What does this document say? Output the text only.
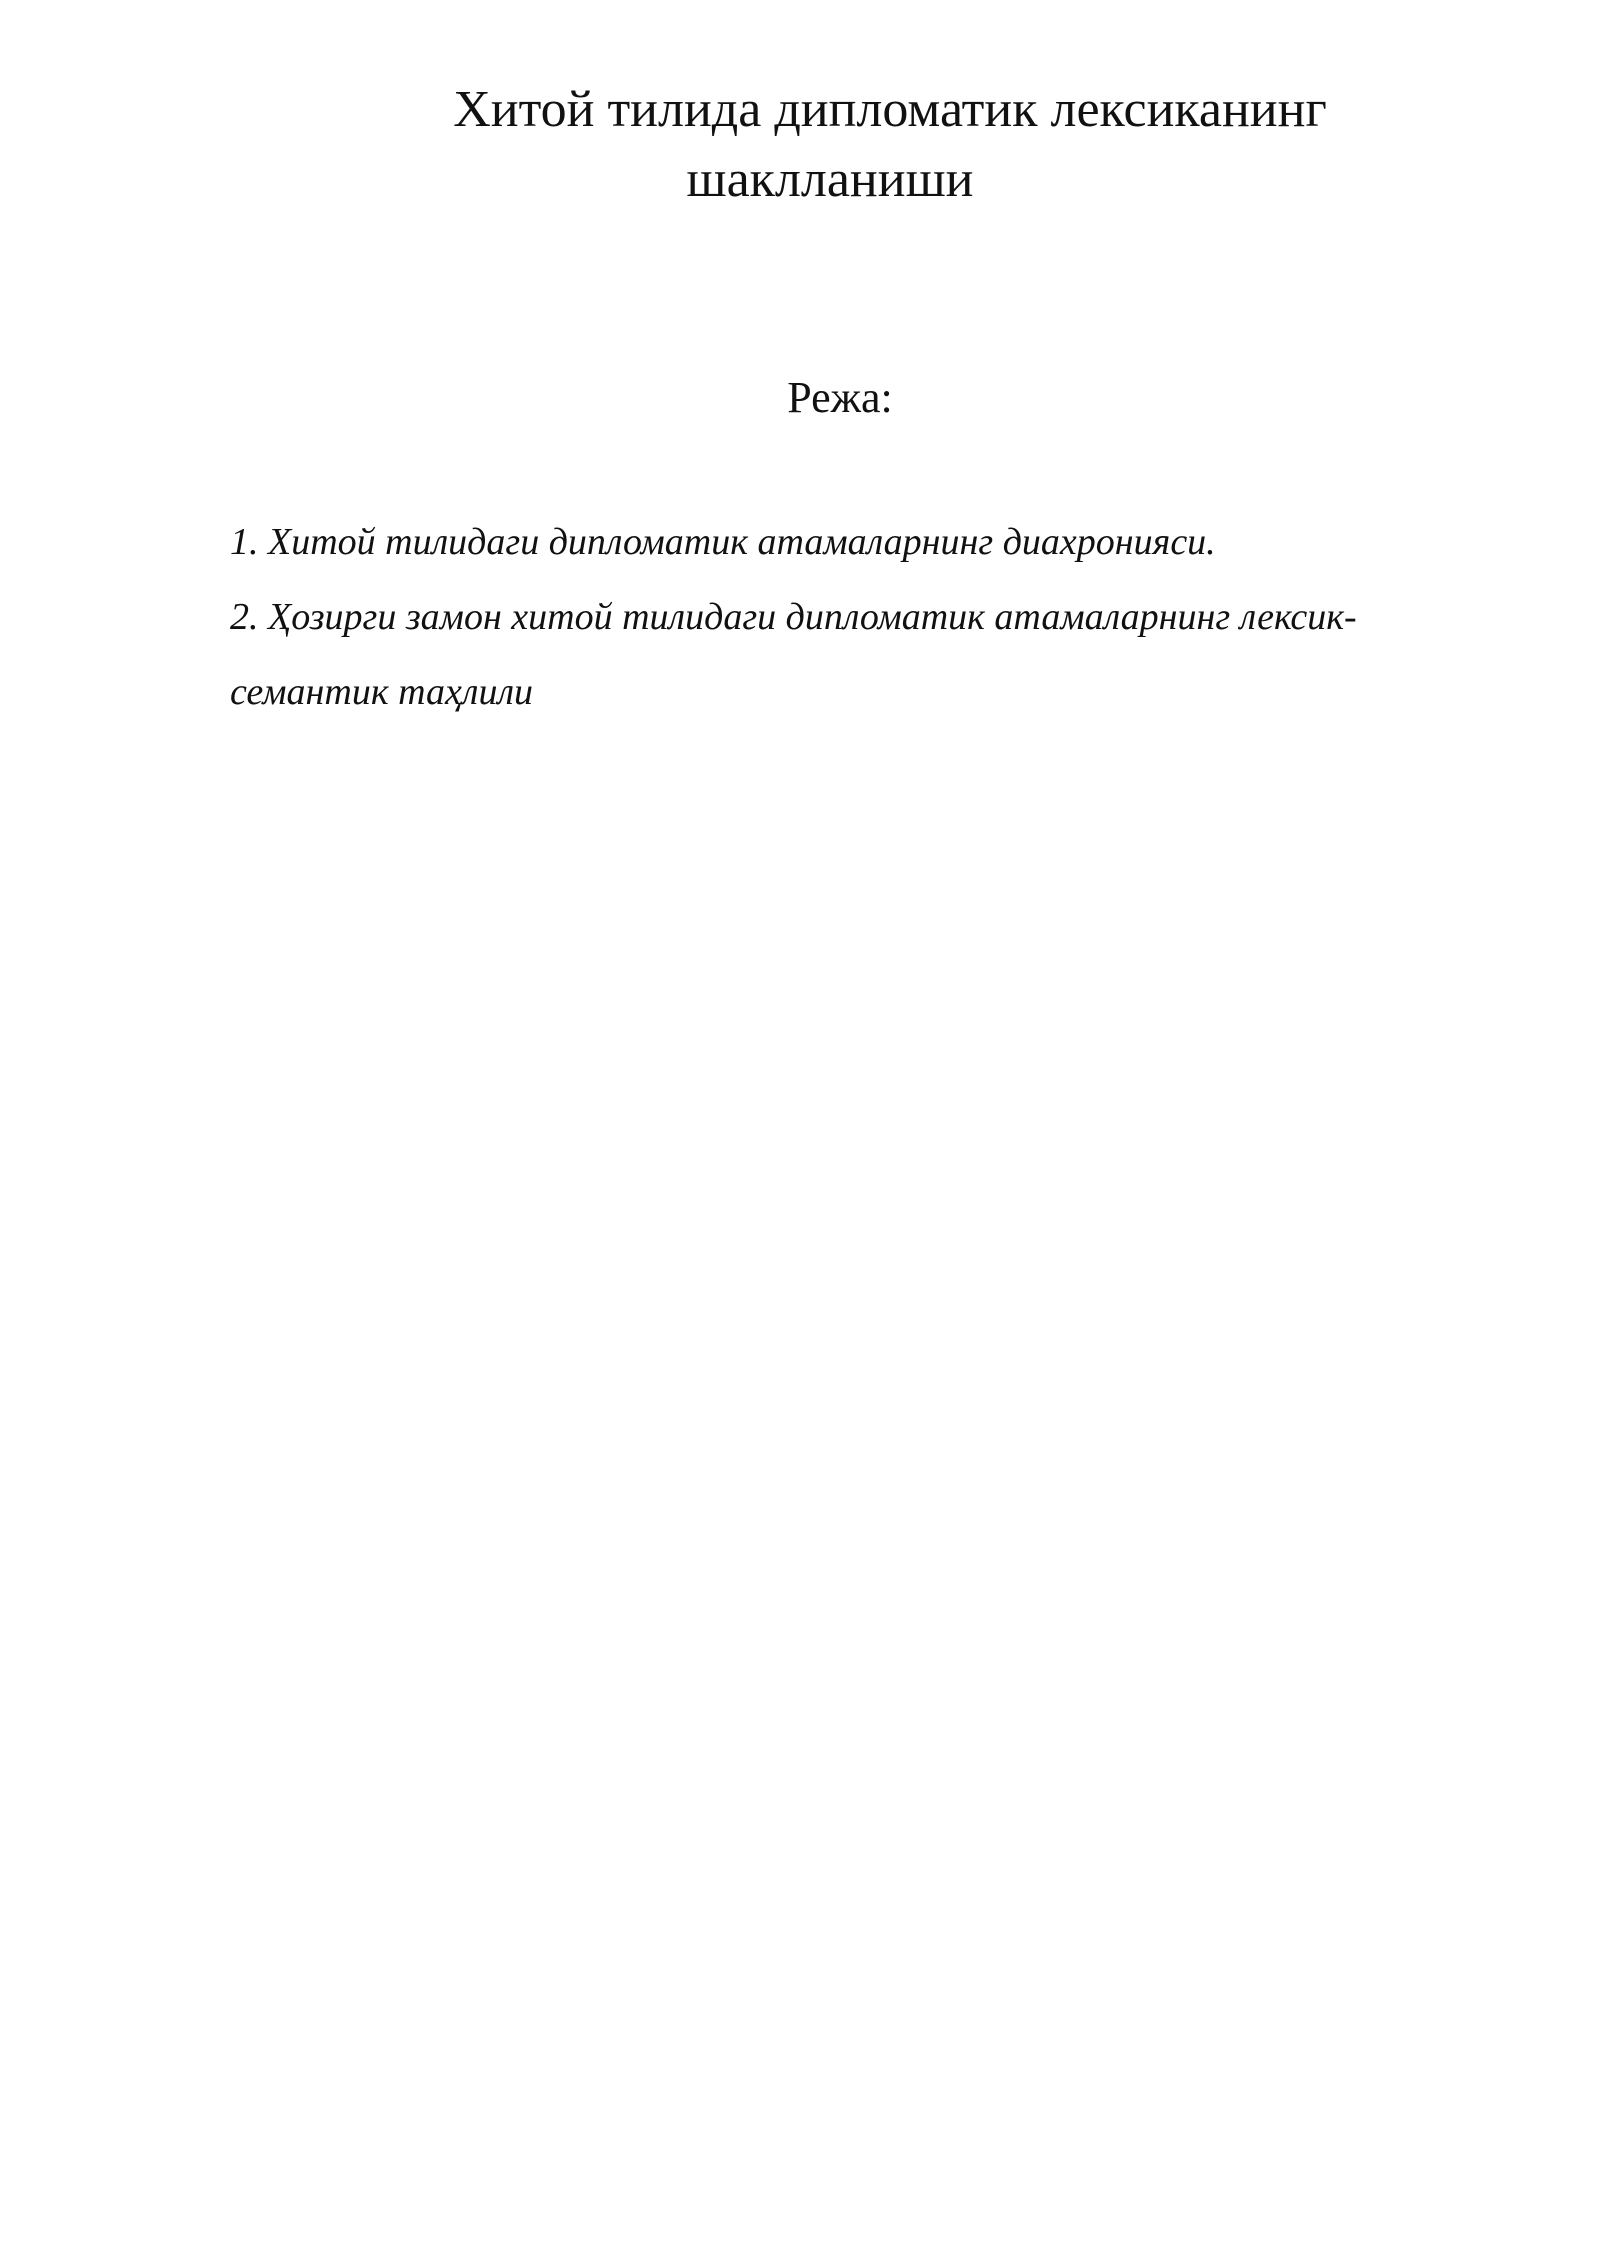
Хитой тилида дипломатик лексиканинг
шаклланиши
Режа:
1. Хитой тилидаги дипломатик атамаларнинг диахронияси.
2. Ҳозирги замон хитой тилидаги дипломатик атамаларнинг лексик-
семантик таҳлили
